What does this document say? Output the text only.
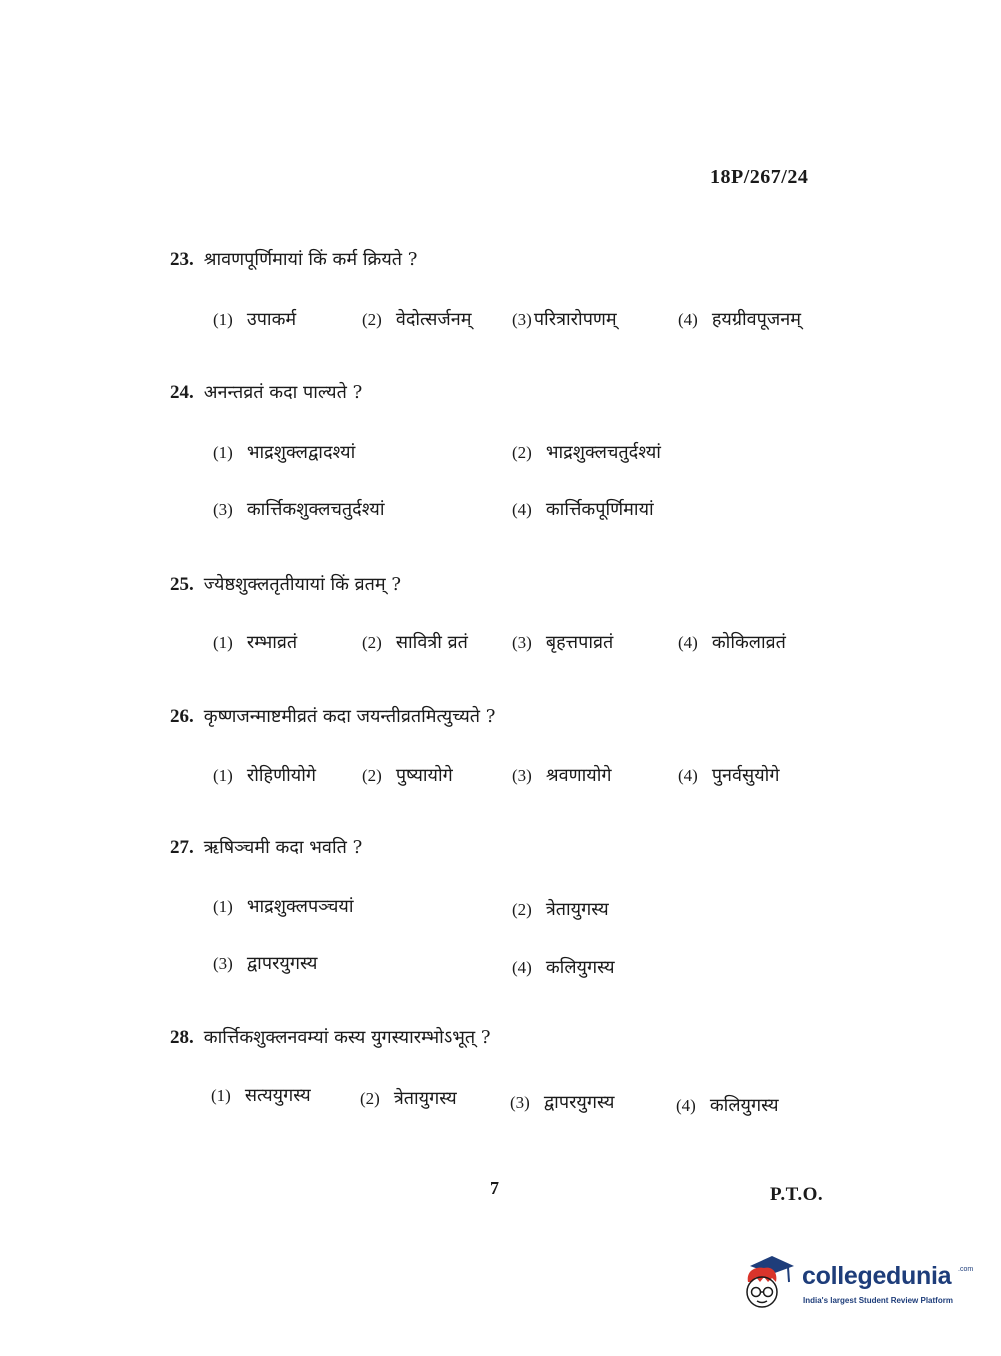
18P/267/24
23. श्रावणपूर्णिमायां किं कर्म क्रियते ?
(1) उपाकर्म	(2) वेदोत्सर्जनम् (3) परित्रारोपणम्	(4) हयग्रीवपूजनम्
24. अनन्तव्रतं कदा पाल्यते ?
(1) भाद्रशुक्लद्वादश्यां	(2) भाद्रशुक्लचतुर्दश्यां
(3) कार्त्तिकशुक्लचतुर्दश्यां	(4) कार्त्तिकपूर्णिमायां
25. ज्येष्ठशुक्लतृतीयायां किं व्रतम् ?
(1) रम्भाव्रतं	(2) सावित्री व्रतं	(3) बृहत्तपाव्रतं	(4) कोकिलाव्रतं
26. कृष्णजन्माष्टमीव्रतं कदा जयन्तीव्रतमित्युच्यते ?
(1) रोहिणीयोगे	(2) पुष्यायोगे	(3) श्रवणायोगे	(4) पुनर्वसुयोगे
27. ऋषिञ्चमी कदा भवति ?
(1) भाद्रशुक्लपञ्चयां	(2) त्रेतायुगस्य
(3) द्वापरयुगस्य	(4) कलियुगस्य
28. कार्त्तिकशुक्लनवम्यां कस्य युगस्यारम्भोऽभूत् ?
(1) सत्ययुगस्य	(2) त्रेतायुगस्य	(3) द्वापरयुगस्य	(4) कलियुगस्य
7	P.T.O.
collegedunia .com
India's largest Student Review Platform
